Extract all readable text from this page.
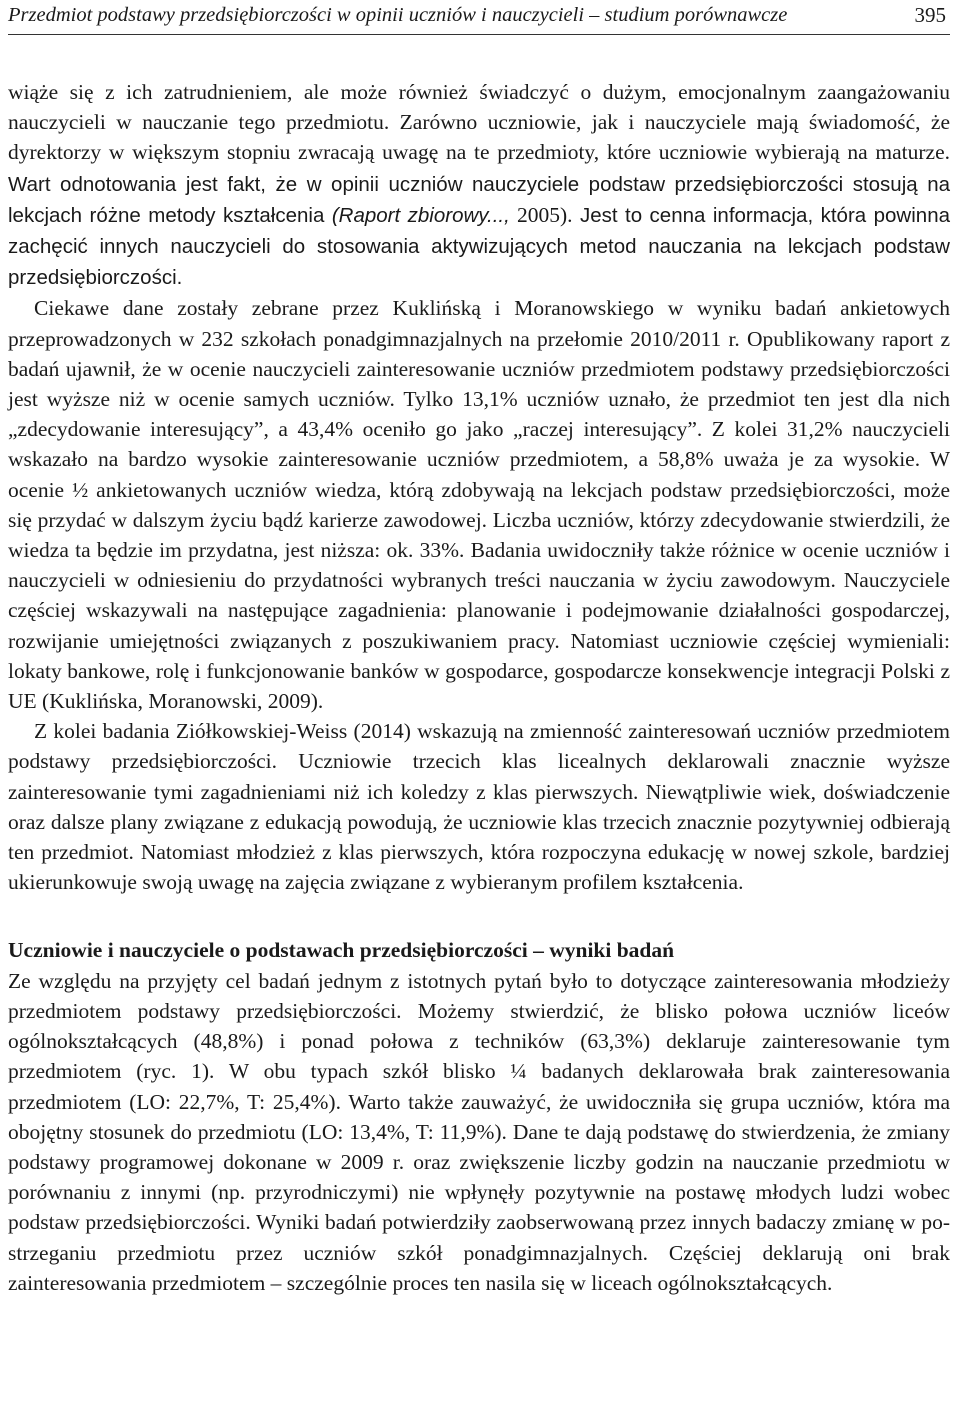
Przedmiot podstawy przedsiębiorczości w opinii uczniów i nauczycieli – studium porównawcze	395

wiąże się z ich zatrudnieniem, ale może również świadczyć o dużym, emocjonalnym zaangażowaniu nauczycieli w nauczanie tego przedmiotu. Zarówno uczniowie, jak i nauczyciele mają świadomość, że dyrektorzy w większym stopniu zwracają uwagę na te przedmioty, które uczniowie wybierają na maturze. Wart odnotowania jest fakt, że w opinii uczniów nauczyciele podstaw przedsiębiorczości stosują na lekcjach różne metody kształcenia (Raport zbiorowy..., 2005). Jest to cenna informacja, która powinna zachęcić innych nauczycieli do stosowania aktywizujących metod nauczania na lekcjach podstaw przedsiębiorczości.

Ciekawe dane zostały zebrane przez Kuklińską i Moranowskiego w wyniku badań ankietowych przeprowadzonych w 232 szkołach ponadgimnazjalnych na przełomie 2010/2011 r. Opublikowany raport z badań ujawnił, że w ocenie nauczycieli zainteresowanie uczniów przedmiotem podstawy przedsiębiorczości jest wyższe niż w ocenie samych uczniów. Tylko 13,1% uczniów uznało, że przedmiot ten jest dla nich „zdecydowanie interesujący”, a 43,4% oceniło go jako „raczej interesujący”. Z kolei 31,2% nauczycieli wskazało na bardzo wysokie zainteresowanie uczniów przedmiotem, a 58,8% uważa je za wysokie. W ocenie ½ ankietowanych uczniów wiedza, którą zdobywają na lekcjach podstaw przedsiębiorczości, może się przydać w dalszym życiu bądź karierze zawodowej. Liczba uczniów, którzy zdecydowanie stwierdzili, że wiedza ta będzie im przydatna, jest niższa: ok. 33%. Badania uwidoczniły także różnice w ocenie uczniów i nauczycieli w odniesieniu do przydatności wybranych treści nauczania w życiu zawodowym. Nauczyciele częściej wskazywali na następujące zagadnienia: planowanie i podejmowanie działalności gospodarczej, rozwijanie umiejętności związanych z poszukiwaniem pracy. Natomiast uczniowie częściej wymieniali: lokaty bankowe, rolę i funkcjonowanie banków w gospodarce, gospodarcze konsekwencje integracji Polski z UE (Kuklińska, Moranowski, 2009).

Z kolei badania Ziółkowskiej-Weiss (2014) wskazują na zmienność zainteresowań uczniów przedmiotem podstawy przedsiębiorczości. Uczniowie trzecich klas licealnych deklarowali znacznie wyższe zainteresowanie tymi zagadnieniami niż ich koledzy z klas pierwszych. Niewątpliwie wiek, doświadczenie oraz dalsze plany związane z edukacją powodują, że uczniowie klas trzecich znacznie pozytywniej odbierają ten przedmiot. Natomiast młodzież z klas pierwszych, która rozpoczyna edukację w nowej szkole, bardziej ukierunkowuje swoją uwagę na zajęcia związane z wybieranym profilem kształcenia.

Uczniowie i nauczyciele o podstawach przedsiębiorczości – wyniki badań

Ze względu na przyjęty cel badań jednym z istotnych pytań było to dotyczące zainteresowania młodzieży przedmiotem podstawy przedsiębiorczości. Możemy stwierdzić, że blisko połowa uczniów liceów ogólnokształcących (48,8%) i ponad połowa z techników (63,3%) deklaruje zainteresowanie tym przedmiotem (ryc. 1). W obu typach szkół blisko ¼ badanych deklarowała brak zainteresowania przedmiotem (LO: 22,7%, T: 25,4%). Warto także zauważyć, że uwidoczniła się grupa uczniów, która ma obojętny stosunek do przedmiotu (LO: 13,4%, T: 11,9%). Dane te dają podstawę do stwierdzenia, że zmiany podstawy programowej dokonane w 2009 r. oraz zwiększenie liczby godzin na nauczanie przedmiotu w porównaniu z innymi (np. przyrodniczymi) nie wpłynęły pozytywnie na postawę młodych ludzi wobec podstaw przedsiębiorczości. Wyniki badań potwierdziły zaobserwowaną przez innych badaczy zmianę w postrzeganiu przedmiotu przez uczniów szkół ponadgimnazjalnych. Częściej deklarują oni brak zainteresowania przedmiotem – szczególnie proces ten nasila się w liceach ogólnokształcących.
